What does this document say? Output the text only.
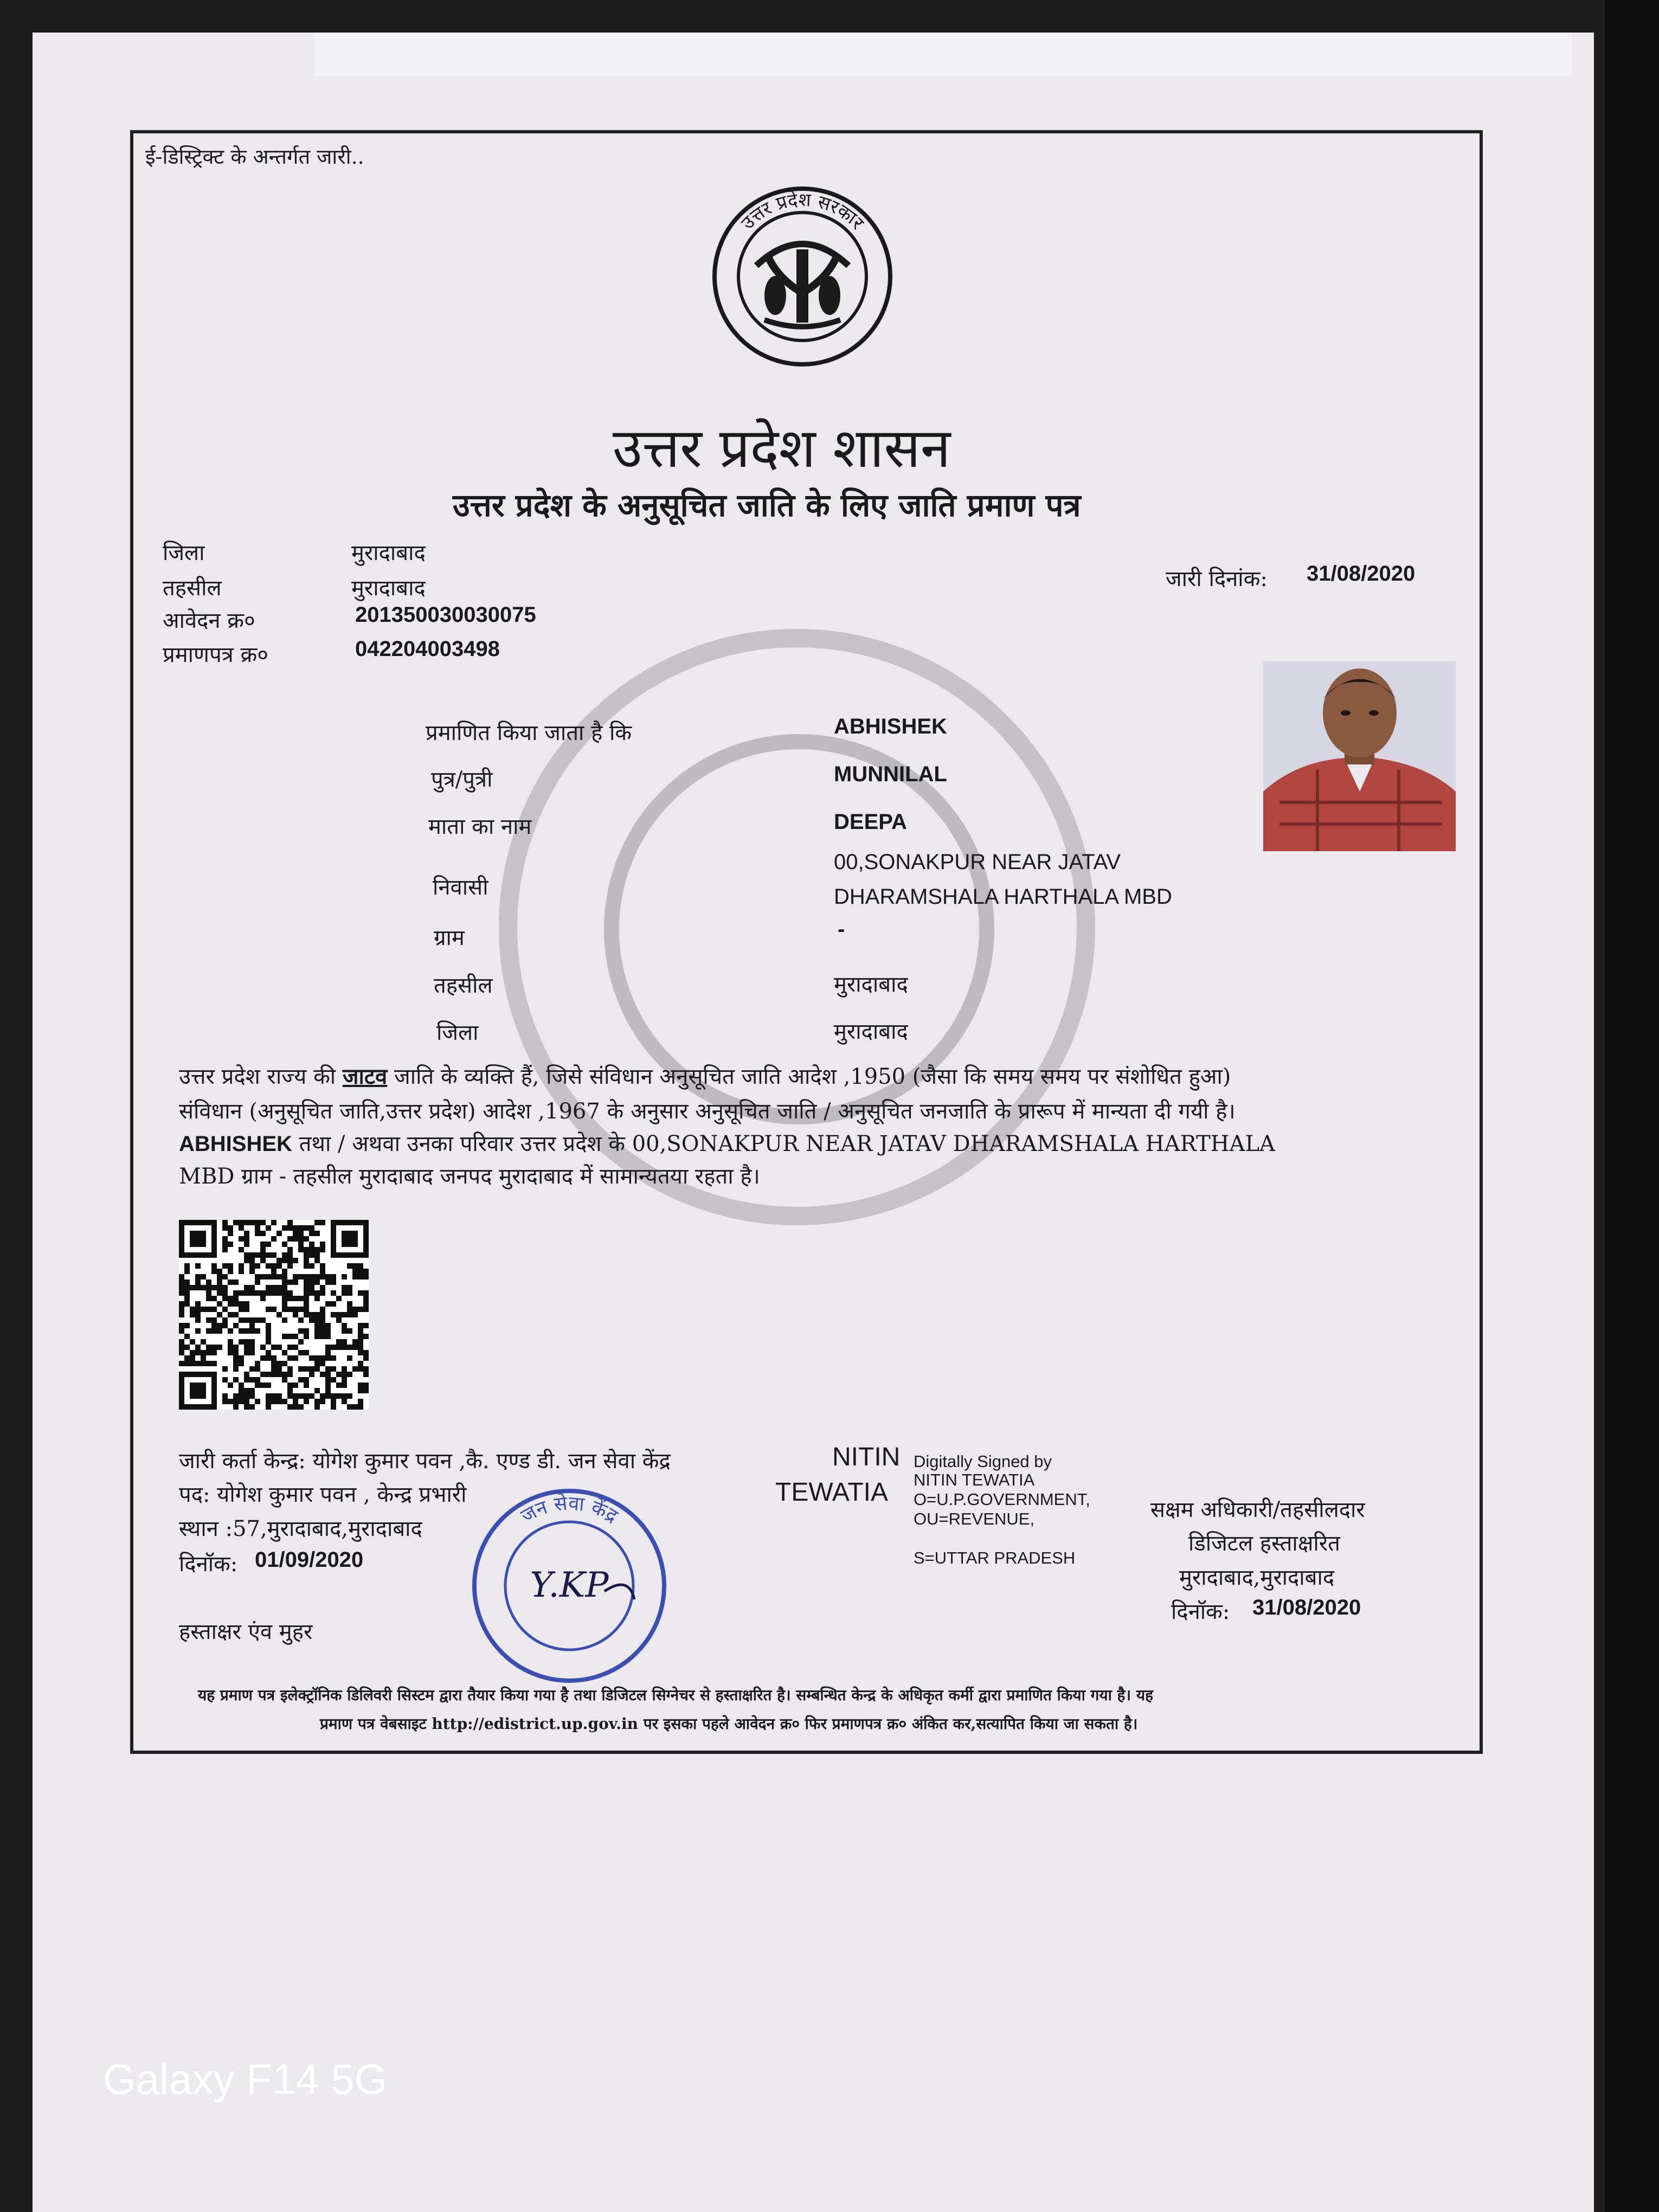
ई-डिस्ट्रिक्ट के अन्तर्गत जारी..
उत्तर प्रदेश सरकार
उत्तर प्रदेश शासन
उत्तर प्रदेश के अनुसूचित जाति के लिए जाति प्रमाण पत्र
जिला	मुरादाबाद
तहसील	मुरादाबाद
आवेदन क्र०	201350030030075
प्रमाणपत्र क्र०	042204003498
जारी दिनांक: 31/08/2020
प्रमाणित किया जाता है कि	ABHISHEK
पुत्र/पुत्री	MUNNILAL
माता का नाम	DEEPA
निवासी
00,SONAKPUR NEAR JATAV
DHARAMSHALA HARTHALA MBD
ग्राम	-
तहसील	मुरादाबाद
जिला	मुरादाबाद
उत्तर प्रदेश राज्य की जाटव जाति के व्यक्ति हैं, जिसे संविधान अनुसूचित जाति आदेश ,1950 (जैसा कि समय समय पर संशोधित हुआ)
संविधान (अनुसूचित जाति,उत्तर प्रदेश) आदेश ,1967 के अनुसार अनुसूचित जाति / अनुसूचित जनजाति के प्रारूप में मान्यता दी गयी है।
ABHISHEK तथा / अथवा उनका परिवार उत्तर प्रदेश के 00,SONAKPUR NEAR JATAV DHARAMSHALA HARTHALA
MBD ग्राम - तहसील मुरादाबाद जनपद मुरादाबाद में सामान्यतया रहता है।
जारी कर्ता केन्द्र: योगेश कुमार पवन ,कै. एण्ड डी. जन सेवा केंद्र
पद: योगेश कुमार पवन , केन्द्र प्रभारी
स्थान :57,मुरादाबाद,मुरादाबाद
दिनॉक: 01/09/2020
हस्ताक्षर एंव मुहर
जन सेवा केंद्र
Y.KP
NITIN
TEWATIA
Digitally Signed by
NITIN TEWATIA
O=U.P.GOVERNMENT,
OU=REVENUE,
S=UTTAR PRADESH
सक्षम अधिकारी/तहसीलदार
डिजिटल हस्ताक्षरित
मुरादाबाद,मुरादाबाद
दिनॉक: 31/08/2020
यह प्रमाण पत्र इलेक्ट्रॉनिक डिलिवरी सिस्टम द्वारा तैयार किया गया है तथा डिजिटल सिग्नेचर से हस्ताक्षरित है। सम्बन्धित केन्द्र के अधिकृत कर्मी द्वारा प्रमाणित किया गया है। यह
प्रमाण पत्र वेबसाइट http://edistrict.up.gov.in पर इसका पहले आवेदन क्र० फिर प्रमाणपत्र क्र० अंकित कर,सत्यापित किया जा सकता है।
Galaxy F14 5G
